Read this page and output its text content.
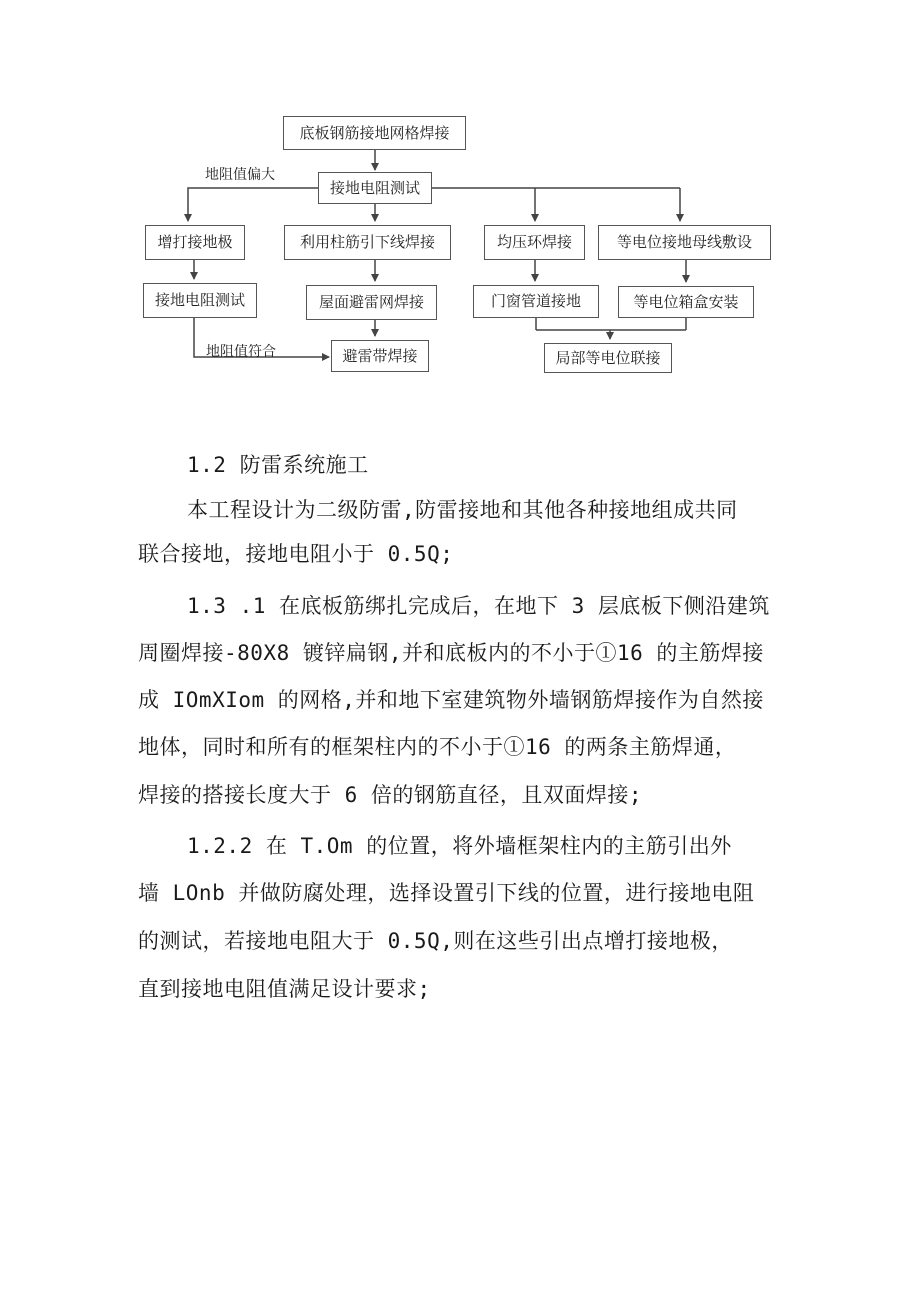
底板钢筋接地网格焊接
接地电阻测试
地阻值偏大
增打接地极	利用柱筋引下线焊接	均压环焊接	等电位接地母线敷设
接地电阻测试	屋面避雷网焊接	门窗管道接地	等电位箱盒安装
地阻值符合	避雷带焊接	局部等电位联接
1.2 防雷系统施工
本工程设计为二级防雷,防雷接地和其他各种接地组成共同
联合接地，接地电阻小于 0.5Q;
1.3 .1 在底板筋绑扎完成后，在地下 3 层底板下侧沿建筑
周圈焊接-80X8 镀锌扁钢,并和底板内的不小于①16 的主筋焊接
成 IOmXIom 的网格,并和地下室建筑物外墙钢筋焊接作为自然接
地体，同时和所有的框架柱内的不小于①16 的两条主筋焊通，
焊接的搭接长度大于 6 倍的钢筋直径，且双面焊接;
1.2.2 在 T.Om 的位置，将外墙框架柱内的主筋引出外
墙 LOnb 并做防腐处理，选择设置引下线的位置，进行接地电阻
的测试，若接地电阻大于 0.5Q,则在这些引出点增打接地极，
直到接地电阻值满足设计要求;
